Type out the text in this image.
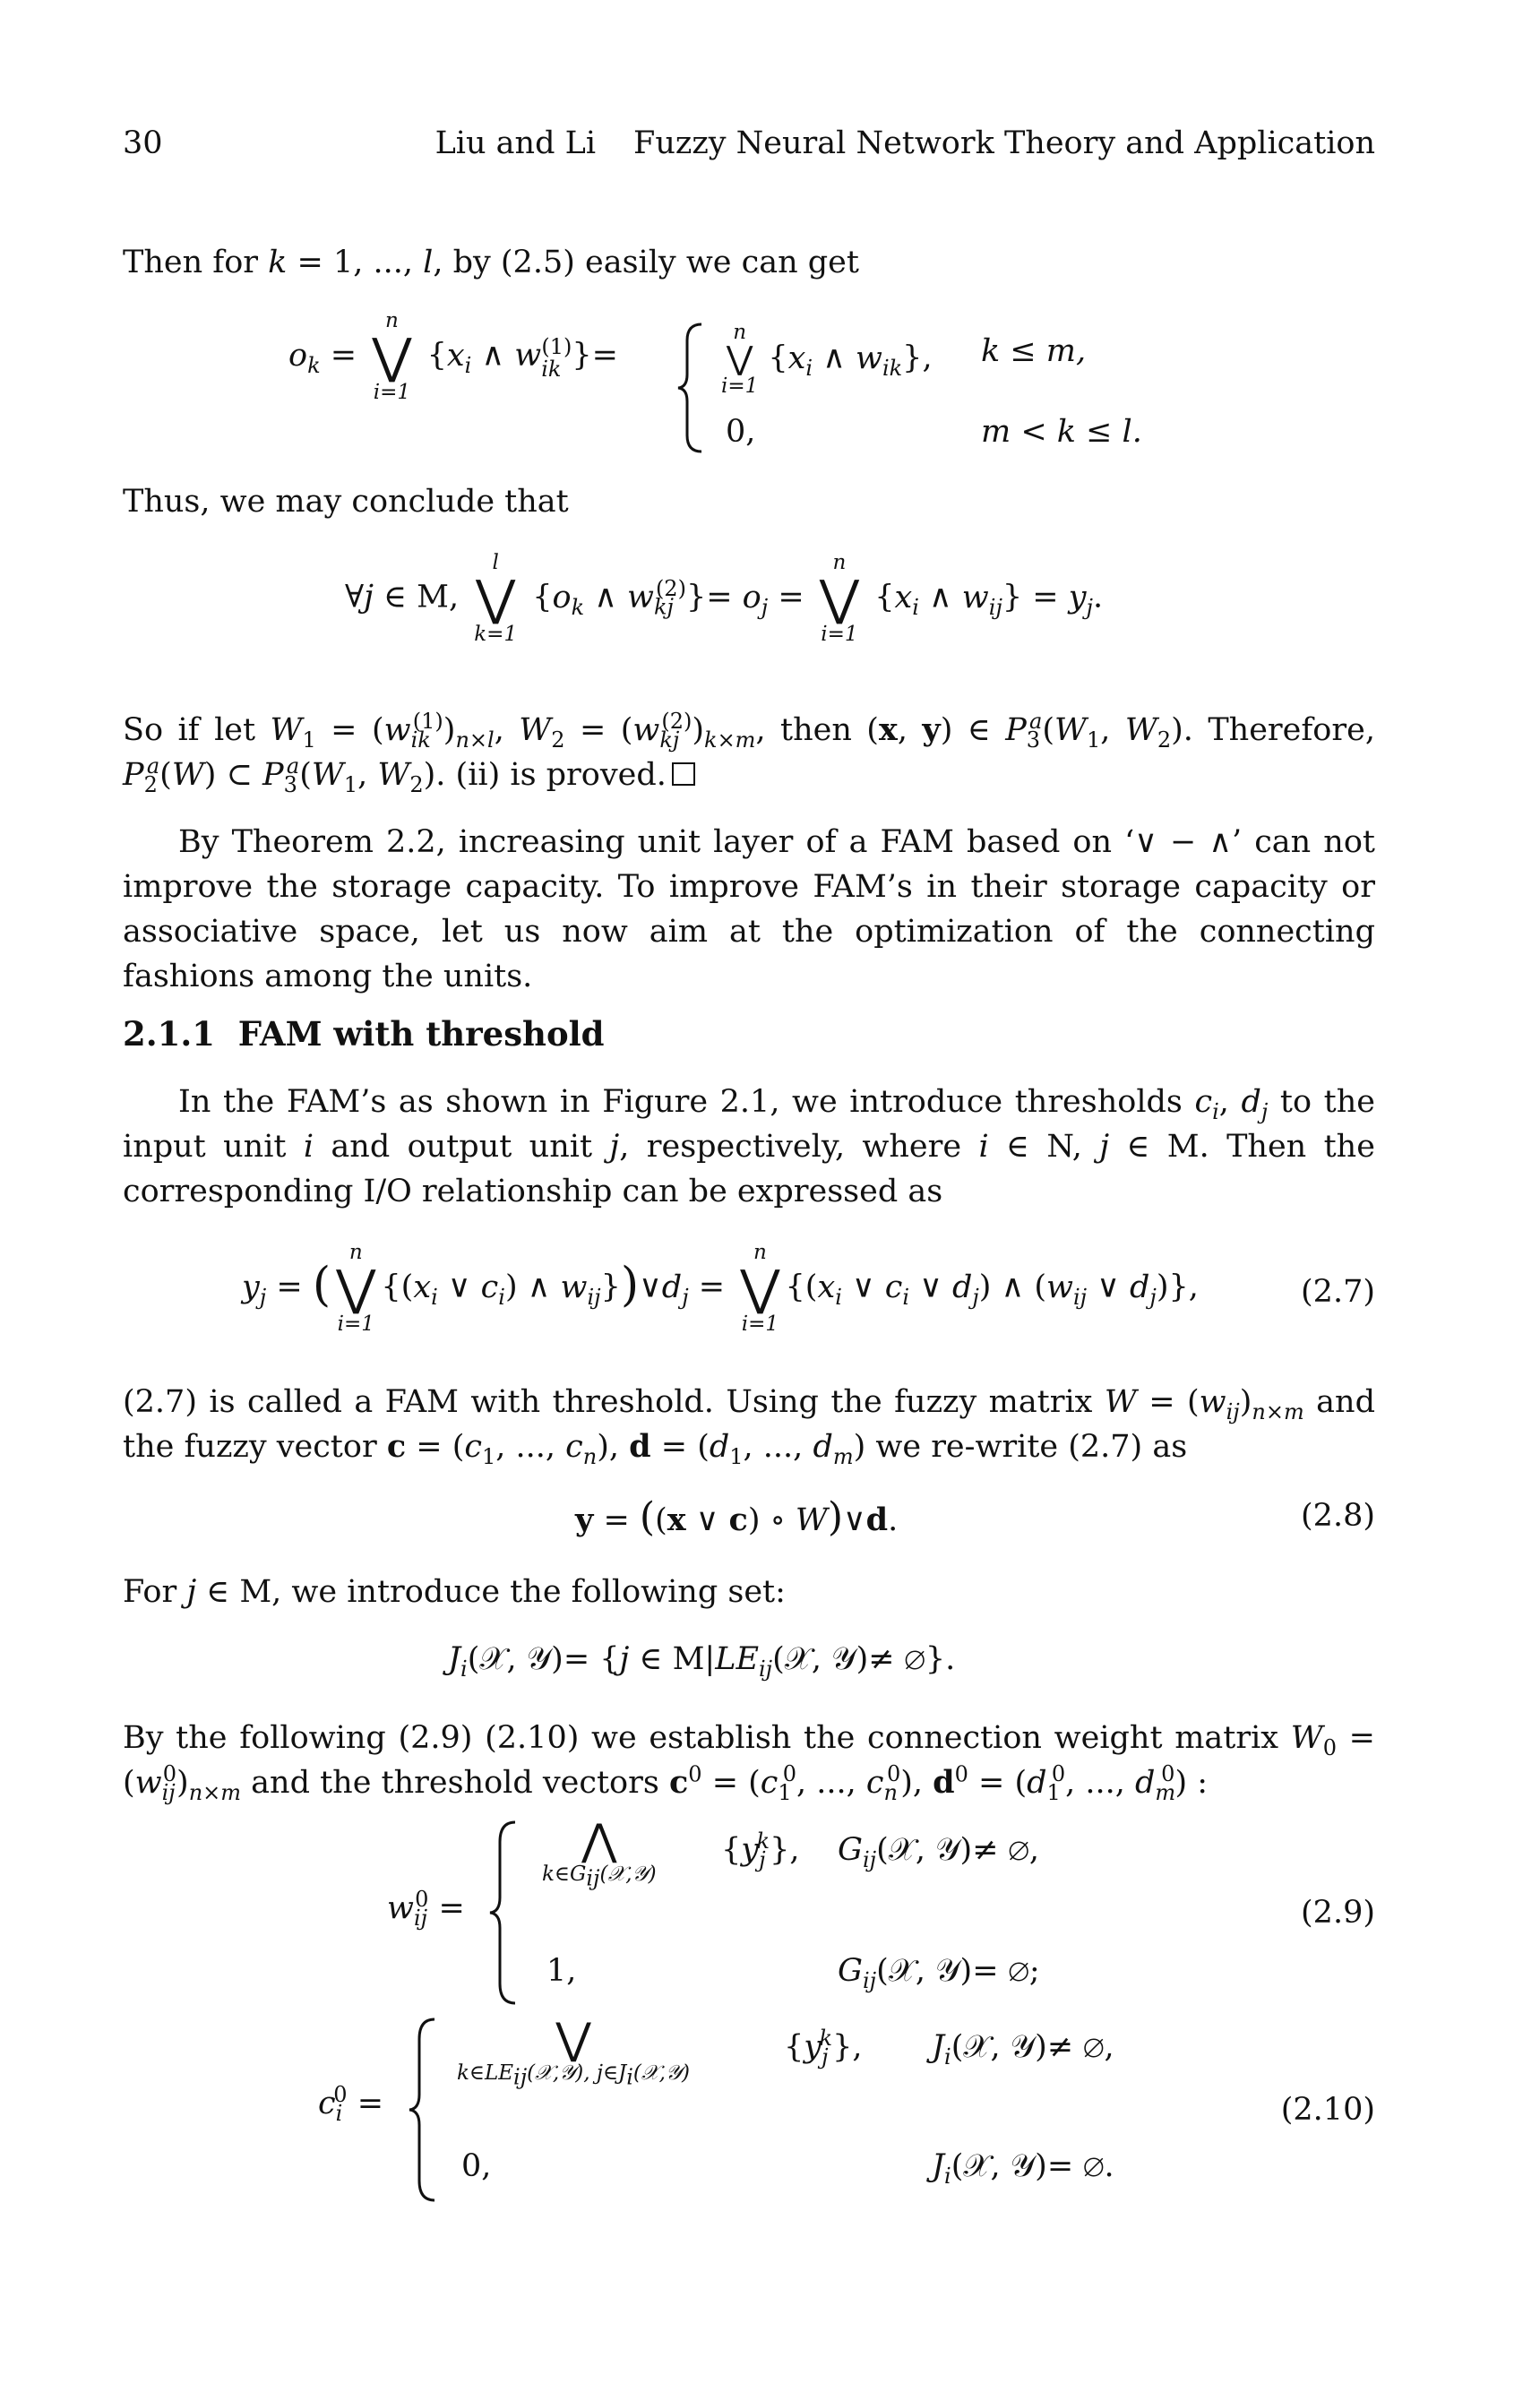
30	Liu and Li Fuzzy Neural Network Theory and Application

Then for k = 1, ..., l, by (2.5) easily we can get

$o_k$ =
n
⋁
i=1
{$x_i$ ∧ $w_{ik}^{(1)}\}=$
n
⋁
i=1
{$x_i$ ∧ $w_{ik}$}, k ≤ m,
0,	m < k ≤ l.

Thus, we may conclude that

∀j ∈ M,
l
⋁
k=1
{$o_k$ ∧ $w_{kj}^{(2)}\}= o_j$ =
n
⋁
i=1
{$x_i$ ∧ $w_{ij}\} = y_j$.

So if let $W_1 = (w_{ik}^{(1)})_{n\times l}$, $W_2 = (w_{kj}^{(2)})_{k\times m}$, then (x, y) ∈ $P_3^a(W_1$, $W_2$). Therefore, $P_2^a(W)$ ⊂ $P_3^a(W_1$, $W_2$). (ii) is proved.

By Theorem 2.2, increasing unit layer of a FAM based on ‘∨ − ∧’ can not improve the storage capacity. To improve FAM’s in their storage capacity or associative space, let us now aim at the optimization of the connecting fashions among the units.

2.1.1 FAM with threshold

In the FAM’s as shown in Figure 2.1, we introduce thresholds $c_i$, $d_j$ to the input unit i and output unit j, respectively, where i ∈ N, j ∈ M. Then the corresponding I/O relationship can be expressed as

$y_j$ = (
n
⋁
i=1
{($x_i$ ∨ $c_i$) ∧ $w_{ij}\})\vee d_j$ =
n
⋁
i=1
{($x_i$ ∨ $c_i$ ∨ $d_j$) ∧ ($w_{ij}$ ∨ $d_j$)},	(2.7)

(2.7) is called a FAM with threshold. Using the fuzzy matrix $W = (w_{ij})_{n\times m}$ and the fuzzy vector $c = (c_1$, ..., $c_n$), $d = (d_1$, ..., $d_m$) we re-write (2.7) as

y = ((x ∨ c) ∘ W)∨d.	(2.8)

For j ∈ M, we introduce the following set:

$J_i(𝒳$, 𝒴)= {j ∈ $M|LE_{ij}(𝒳$, 𝒴)≠ ∅}.

By the following (2.9) (2.10) we establish the connection weight matrix $W_0 = (w_{ij}^0)_{n\times m}$ and the threshold vectors $c^0 = (c_1^0$, ..., $c_n^0$), $d^0 = (d_1^0$, ..., $d_m^0$) :

$w_{ij}^0$ =
⋀
$k\in G_{ij}(𝒳,𝒴)$
$\{y_j^k\}$, $G_{ij}(𝒳$, 𝒴)≠ ∅,
1,	$G_{ij}(𝒳$, 𝒴)= ∅;
(2.9)
$c_i^0$ =
⋁
$k\in LE_{ij}(𝒳,𝒴)$, $j\in J_i(𝒳,𝒴)$
$\{y_j^k\}$, $J_i(𝒳$, 𝒴)≠ ∅,
0,	$J_i(𝒳$, 𝒴)= ∅.
(2.10)
